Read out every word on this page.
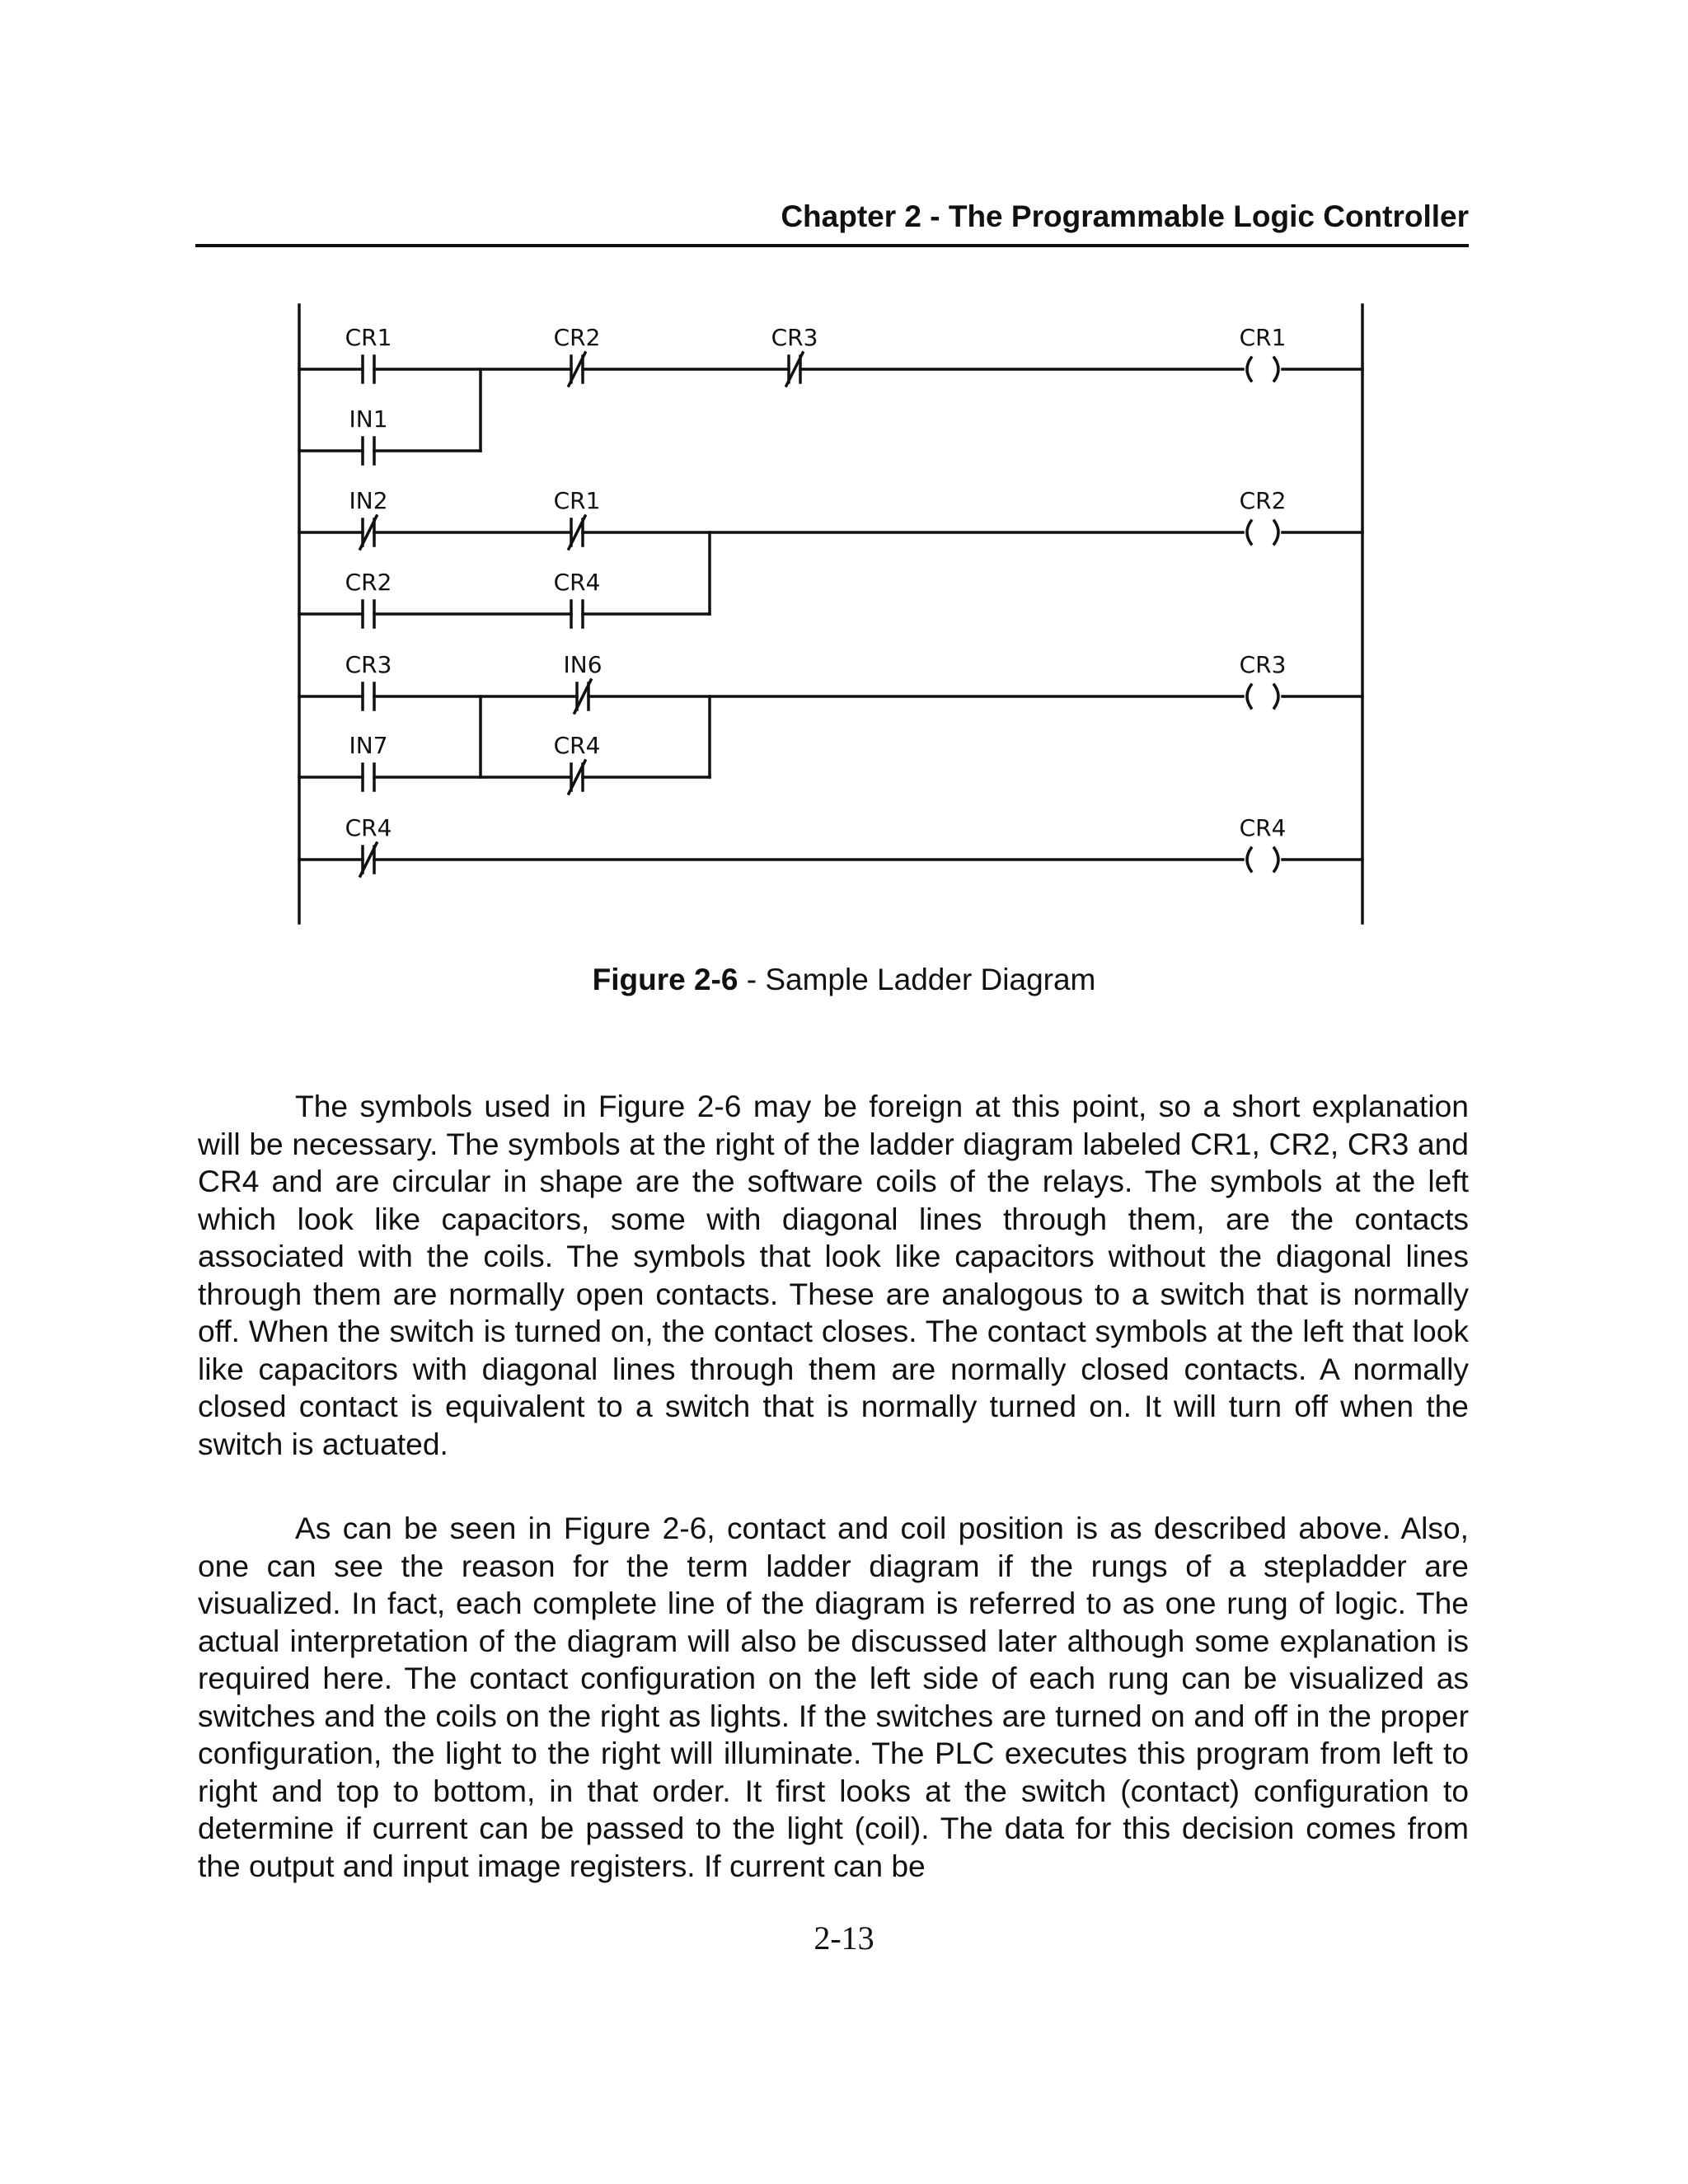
Chapter 2 - The Programmable Logic Controller
CR1	CR2	CR3	CR1
IN1
IN2	CR1	CR2
CR2	CR4
CR3	IN6	CR3
IN7	CR4
CR4	CR4
Figure 2-6 - Sample Ladder Diagram

The symbols used in Figure 2-6 may be foreign at this point, so a short explanation will be necessary. The symbols at the right of the ladder diagram labeled CR1, CR2, CR3 and CR4 and are circular in shape are the software coils of the relays. The symbols at the left which look like capacitors, some with diagonal lines through them, are the contacts associated with the coils. The symbols that look like capacitors without the diagonal lines through them are normally open contacts. These are analogous to a switch that is normally off. When the switch is turned on, the contact closes. The contact symbols at the left that look like capacitors with diagonal lines through them are normally closed contacts. A normally closed contact is equivalent to a switch that is normally turned on. It will turn off when the switch is actuated.

As can be seen in Figure 2-6, contact and coil position is as described above. Also, one can see the reason for the term ladder diagram if the rungs of a stepladder are visualized. In fact, each complete line of the diagram is referred to as one rung of logic. The actual interpretation of the diagram will also be discussed later although some explanation is required here. The contact configuration on the left side of each rung can be visualized as switches and the coils on the right as lights. If the switches are turned on and off in the proper configuration, the light to the right will illuminate. The PLC executes this program from left to right and top to bottom, in that order. It first looks at the switch (contact) configuration to determine if current can be passed to the light (coil). The data for this decision comes from the output and input image registers. If current can be

2-13
